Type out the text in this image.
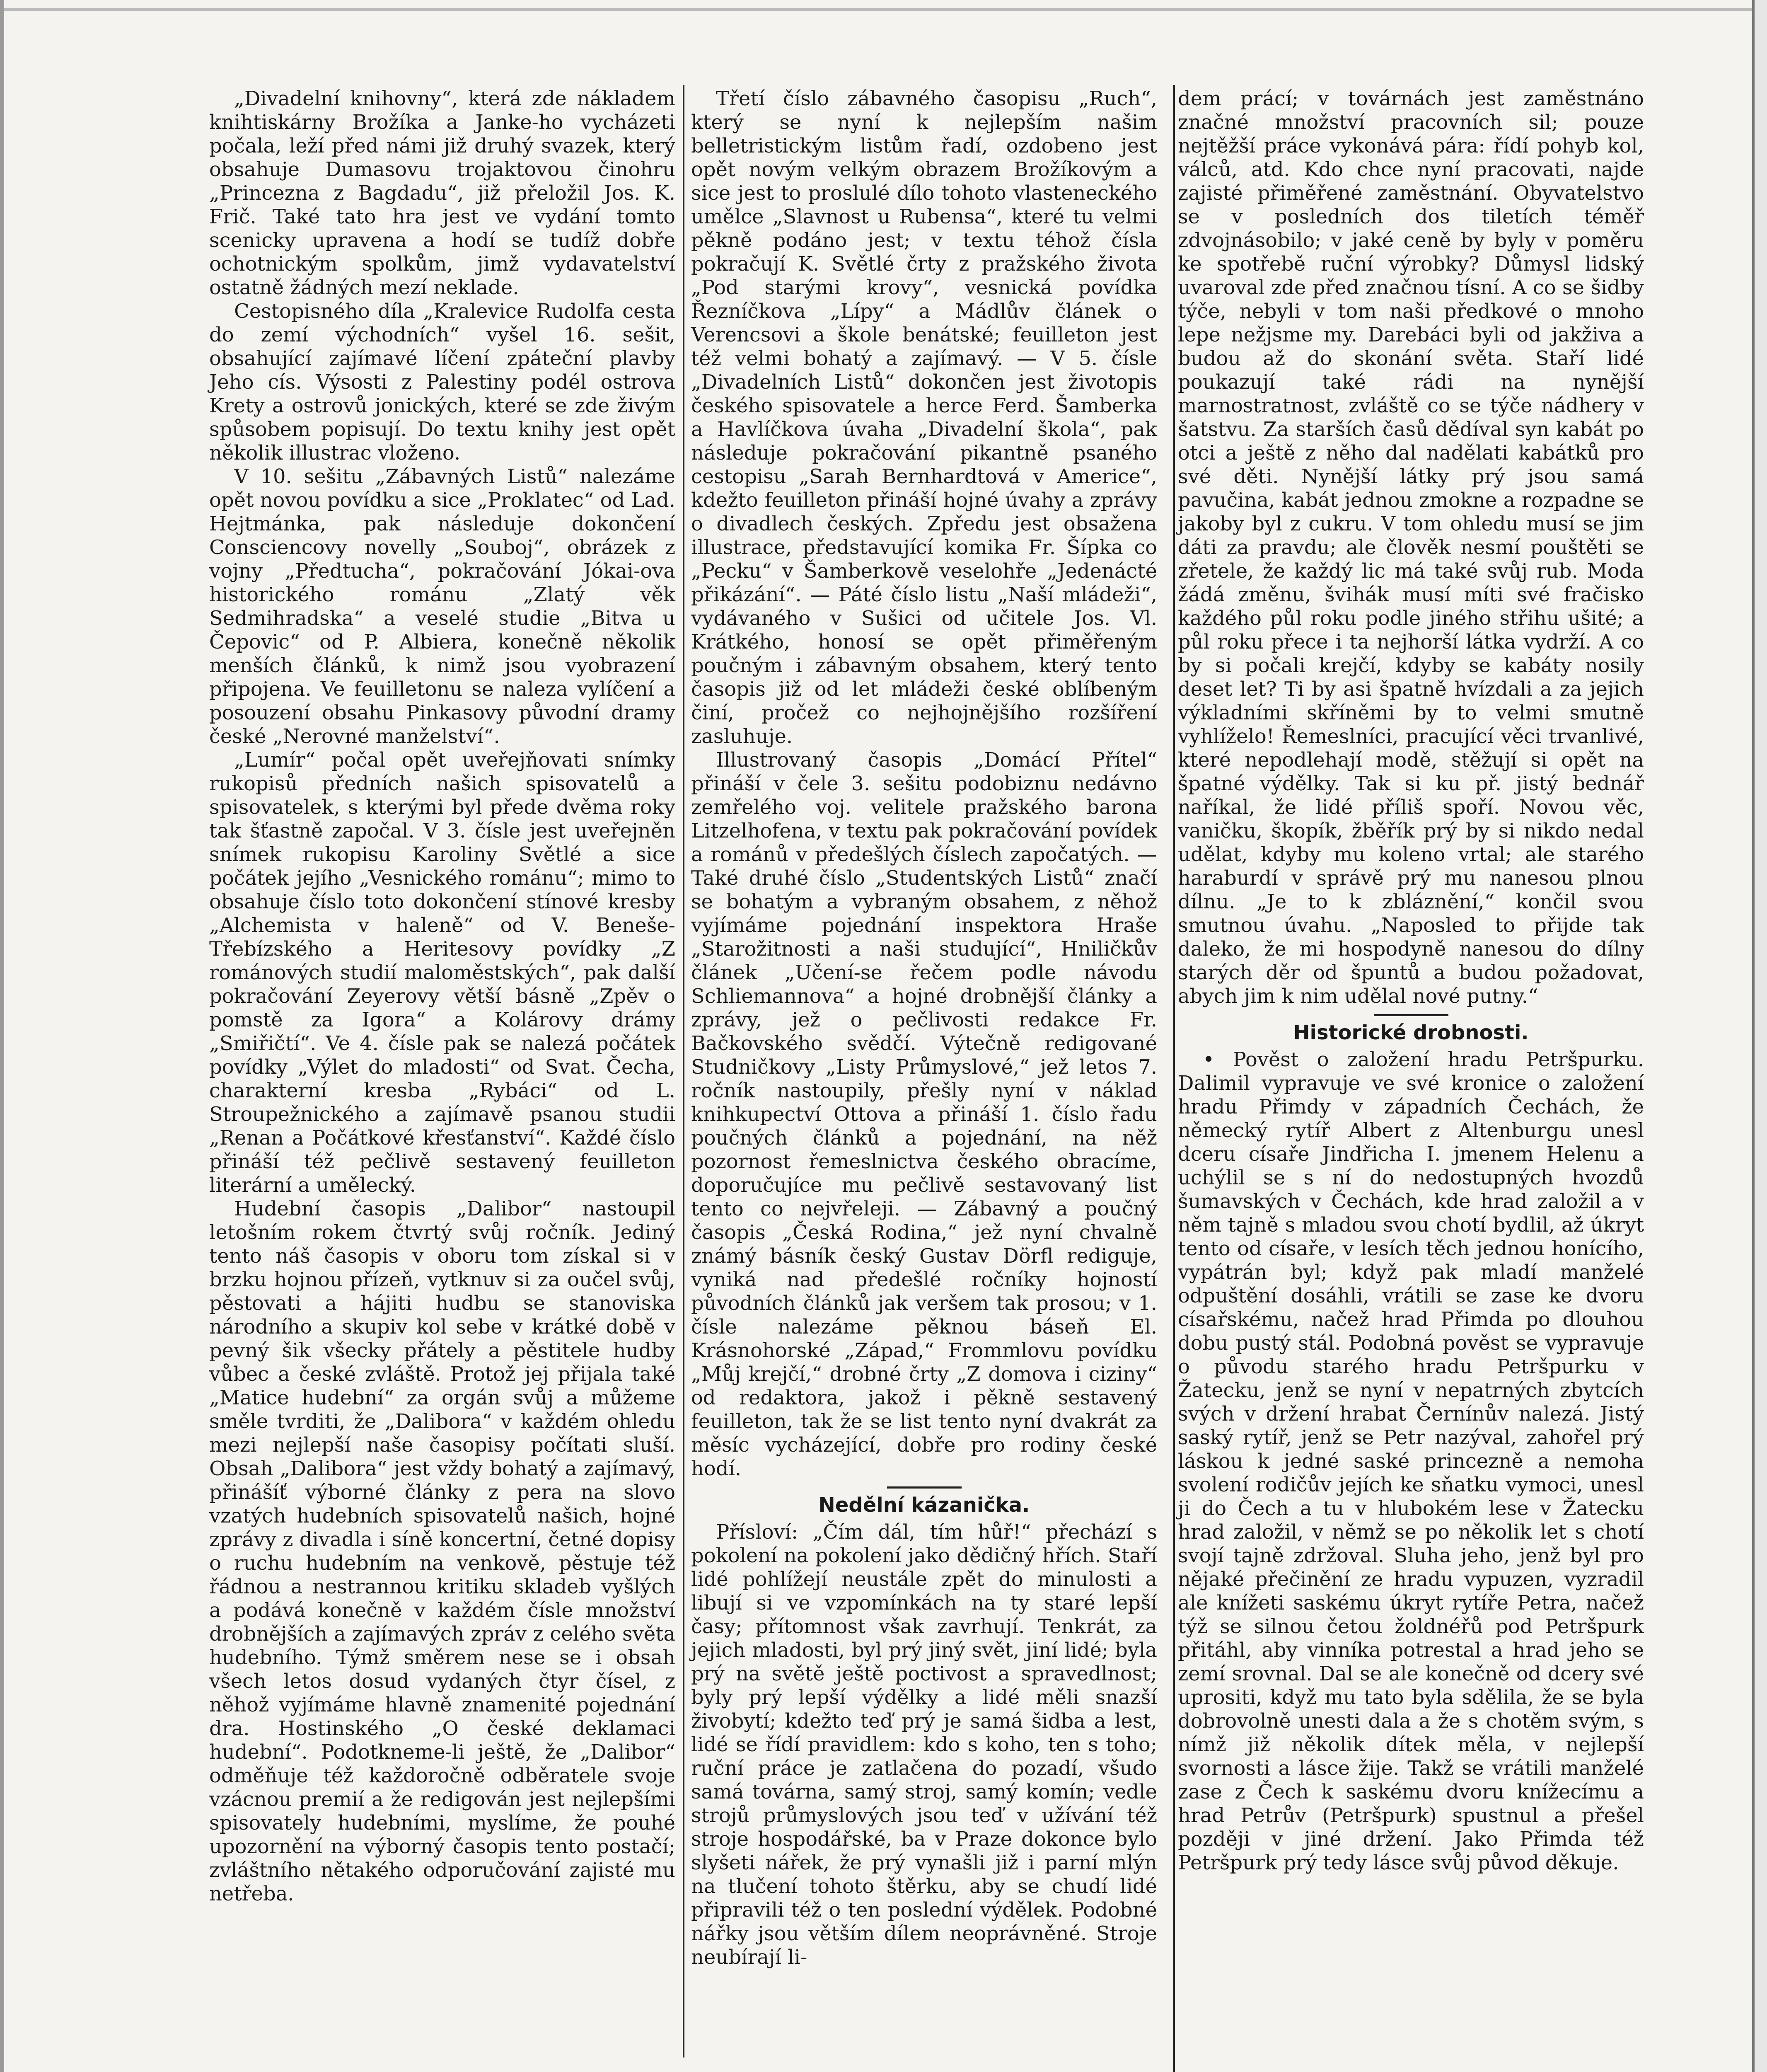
„Divadelní knihovny“, která zde nákladem knihtiskárny Brožíka a Janke-ho vycházeti počala, leží před námi již druhý svazek, který obsahuje Dumasovu trojaktovou činohru „Princezna z Bagdadu“, již přeložil Jos. K. Frič. Také tato hra jest ve vydání tomto scenicky upravena a hodí se tudíž dobře ochotnickým spolkům, jimž vydavatelství ostatně žádných mezí neklade.

Cestopisného díla „Kralevice Rudolfa cesta do zemí východních“ vyšel 16. sešit, obsahující zajímavé líčení zpáteční plavby Jeho cís. Výsosti z Palestiny podél ostrova Krety a ostrovů jonických, které se zde živým spůsobem popisují. Do textu knihy jest opět několik illustrac vloženo.

V 10. sešitu „Zábavných Listů“ nalezáme opět novou povídku a sice „Proklatec“ od Lad. Hejtmánka, pak následuje dokončení Consciencovy novelly „Souboj“, obrázek z vojny „Předtucha“, pokračování Jókai-ova historického románu „Zlatý věk Sedmihradska“ a veselé studie „Bitva u Čepovic“ od P. Albiera, konečně několik menších článků, k nimž jsou vyobrazení připojena. Ve feuilletonu se naleza vylíčení a posouzení obsahu Pinkasovy původní dramy české „Nerovné manželství“.

„Lumír“ počal opět uveřejňovati snímky rukopisů předních našich spisovatelů a spisovatelek, s kterými byl přede dvěma roky tak šťastně započal. V 3. čísle jest uveřejněn snímek rukopisu Karoliny Světlé a sice počátek jejího „Vesnického románu“; mimo to obsahuje číslo toto dokončení stínové kresby „Alchemista v haleně“ od V. Beneše-Třebízského a Heritesovy povídky „Z románových studií maloměstských“, pak další pokračování Zeyerovy větší básně „Zpěv o pomstě za Igora“ a Kolárovy drámy „Smiřičtí“. Ve 4. čísle pak se nalezá počátek povídky „Výlet do mladosti“ od Svat. Čecha, charakterní kresba „Rybáci“ od L. Stroupežnického a zajímavě psanou studii „Renan a Počátkové křesťanství“. Každé číslo přináší též pečlivě sestavený feuilleton literární a umělecký.

Hudební časopis „Dalibor“ nastoupil letošním rokem čtvrtý svůj ročník. Jediný tento náš časopis v oboru tom získal si v brzku hojnou přízeň, vytknuv si za oučel svůj, pěstovati a hájiti hudbu se stanoviska národního a skupiv kol sebe v krátké době v pevný šik všecky přátely a pěstitele hudby vůbec a české zvláště. Protož jej přijala také „Matice hudební“ za orgán svůj a můžeme směle tvrditi, že „Dalibora“ v každém ohledu mezi nejlepší naše časopisy počítati sluší. Obsah „Dalibora“ jest vždy bohatý a zajímavý, přinášíť výborné články z pera na slovo vzatých hudebních spisovatelů našich, hojné zprávy z divadla i síně koncertní, četné dopisy o ruchu hudebním na venkově, pěstuje též řádnou a nestrannou kritiku skladeb vyšlých a podává konečně v každém čísle množství drobnějších a zajímavých zpráv z celého světa hudebního. Týmž směrem nese se i obsah všech letos dosud vydaných čtyr čísel, z něhož vyjímáme hlavně znamenité pojednání dra. Hostinského „O české deklamaci hudební“. Podotkneme-li ještě, že „Dalibor“ odměňuje též každoročně odběratele svoje vzácnou premií a že redigován jest nejlepšími spisovately hudebními, myslíme, že pouhé upozornění na výborný časopis tento postačí; zvláštního nětakého odporučování zajisté mu netřeba.

Třetí číslo zábavného časopisu „Ruch“, který se nyní k nejlepším našim belletristickým listům řadí, ozdobeno jest opět novým velkým obrazem Brožíkovým a sice jest to proslulé dílo tohoto vlasteneckého umělce „Slavnost u Rubensa“, které tu velmi pěkně podáno jest; v textu téhož čísla pokračují K. Světlé črty z pražského života „Pod starými krovy“, vesnická povídka Řezníčkova „Lípy“ a Mádlův článek o Verencsovi a škole benátské; feuilleton jest též velmi bohatý a zajímavý. — V 5. čísle „Divadelních Listů“ dokončen jest životopis českého spisovatele a herce Ferd. Šamberka a Havlíčkova úvaha „Divadelní škola“, pak následuje pokračování pikantně psaného cestopisu „Sarah Bernhardtová v Americe“, kdežto feuilleton přináší hojné úvahy a zprávy o divadlech českých. Zpředu jest obsažena illustrace, představující komika Fr. Šípka co „Pecku“ v Šamberkově veselohře „Jedenácté přikázání“. — Páté číslo listu „Naší mládeži“, vydávaného v Sušici od učitele Jos. Vl. Krátkého, honosí se opět přiměřeným poučným i zábavným obsahem, který tento časopis již od let mládeži české oblíbeným činí, pročež co nejhojnějšího rozšíření zasluhuje.

Illustrovaný časopis „Domácí Přítel“ přináší v čele 3. sešitu podobiznu nedávno zemřelého voj. velitele pražského barona Litzelhofena, v textu pak pokračování povídek a románů v předešlých číslech započatých. — Také druhé číslo „Studentských Listů“ značí se bohatým a vybraným obsahem, z něhož vyjímáme pojednání inspektora Hraše „Starožitnosti a naši studující“, Hniličkův článek „Učení-se řečem podle návodu Schliemannova“ a hojné drobnější články a zprávy, jež o pečlivosti redakce Fr. Bačkovského svědčí. Výtečně redigované Studničkovy „Listy Průmyslové,“ jež letos 7. ročník nastoupily, přešly nyní v náklad knihkupectví Ottova a přináší 1. číslo řadu poučných článků a pojednání, na něž pozornost řemeslnictva českého obracíme, doporučujíce mu pečlivě sestavovaný list tento co nejvřeleji. — Zábavný a poučný časopis „Česká Rodina,“ jež nyní chvalně známý básník český Gustav Dörfl rediguje, vyniká nad předešlé ročníky hojností původních článků jak veršem tak prosou; v 1. čísle nalezáme pěknou báseň El. Krásnohorské „Západ,“ Frommlovu povídku „Můj krejčí,“ drobné črty „Z domova i ciziny“ od redaktora, jakož i pěkně sestavený feuilleton, tak že se list tento nyní dvakrát za měsíc vycházející, dobře pro rodiny české hodí.

Nedělní kázanička.

Přísloví: „Čím dál, tím hůř!“ přechází s pokolení na pokolení jako dědičný hřích. Staří lidé pohlížejí neustále zpět do minulosti a libují si ve vzpomínkách na ty staré lepší časy; přítomnost však zavrhují. Tenkrát, za jejich mladosti, byl prý jiný svět, jiní lidé; byla prý na světě ještě poctivost a spravedlnost; byly prý lepší výdělky a lidé měli snazší živobytí; kdežto teď prý je samá šidba a lest, lidé se řídí pravidlem: kdo s koho, ten s toho; ruční práce je zatlačena do pozadí, všudo samá továrna, samý stroj, samý komín; vedle strojů průmyslových jsou teď v užívání též stroje hospodářské, ba v Praze dokonce bylo slyšeti nářek, že prý vynašli již i parní mlýn na tlučení tohoto štěrku, aby se chudí lidé připravili též o ten poslední výdělek. Podobné nářky jsou větším dílem neoprávněné. Stroje neubírají li-

dem prácí; v továrnách jest zaměstnáno značné množství pracovních sil; pouze nejtěžší práce vykonává pára: řídí pohyb kol, válců, atd. Kdo chce nyní pracovati, najde zajisté přiměřené zaměstnání. Obyvatelstvo se v posledních dos tiletích téměř zdvojnásobilo; v jaké ceně by byly v poměru ke spotřebě ruční výrobky? Důmysl lidský uvaroval zde před značnou tísní. A co se šidby týče, nebyli v tom naši předkové o mnoho lepe nežjsme my. Darebáci byli od jakživa a budou až do skonání světa. Staří lidé poukazují také rádi na nynější marnostratnost, zvláště co se týče nádhery v šatstvu. Za starších časů dědíval syn kabát po otci a ještě z něho dal nadělati kabátků pro své děti. Nynější látky prý jsou samá pavučina, kabát jednou zmokne a rozpadne se jakoby byl z cukru. V tom ohledu musí se jim dáti za pravdu; ale člověk nesmí pouštěti se zřetele, že každý lic má také svůj rub. Moda žádá změnu, švihák musí míti své fračisko každého půl roku podle jiného střihu ušité; a půl roku přece i ta nejhorší látka vydrží. A co by si počali krejčí, kdyby se kabáty nosily deset let? Ti by asi špatně hvízdali a za jejich výkladními skříněmi by to velmi smutně vyhlíželo! Řemeslníci, pracující věci trvanlivé, které nepodlehají modě, stěžují si opět na špatné výdělky. Tak si ku př. jistý bednář naříkal, že lidé příliš spoří. Novou věc, vaničku, škopík, žběřík prý by si nikdo nedal udělat, kdyby mu koleno vrtal; ale starého haraburdí v správě prý mu nanesou plnou dílnu. „Je to k zbláznění,“ končil svou smutnou úvahu. „Naposled to přijde tak daleko, že mi hospodyně nanesou do dílny starých děr od špuntů a budou požadovat, abych jim k nim udělal nové putny.“

Historické drobnosti.

• Pověst o založení hradu Petršpurku. Dalimil vypravuje ve své kronice o založení hradu Přimdy v západních Čechách, že německý rytíř Albert z Altenburgu unesl dceru císaře Jindřicha I. jmenem Helenu a uchýlil se s ní do nedostupných hvozdů šumavských v Čechách, kde hrad založil a v něm tajně s mladou svou chotí bydlil, až úkryt tento od císaře, v lesích těch jednou honícího, vypátrán byl; když pak mladí manželé odpuštění dosáhli, vrátili se zase ke dvoru císařskému, načež hrad Přimda po dlouhou dobu pustý stál. Podobná pověst se vypravuje o původu starého hradu Petršpurku v Žatecku, jenž se nyní v nepatrných zbytcích svých v držení hrabat Černínův nalezá. Jistý saský rytíř, jenž se Petr nazýval, zahořel prý láskou k jedné saské princezně a nemoha svolení rodičův jejích ke sňatku vymoci, unesl ji do Čech a tu v hlubokém lese v Žatecku hrad založil, v němž se po několik let s chotí svojí tajně zdržoval. Sluha jeho, jenž byl pro nějaké přečinění ze hradu vypuzen, vyzradil ale knížeti saskému úkryt rytíře Petra, načež týž se silnou četou žoldnéřů pod Petršpurk přitáhl, aby vinníka potrestal a hrad jeho se zemí srovnal. Dal se ale konečně od dcery své uprositi, když mu tato byla sdělila, že se byla dobrovolně unesti dala a že s chotěm svým, s nímž již několik dítek měla, v nejlepší svornosti a lásce žije. Takž se vrátili manželé zase z Čech k saskému dvoru knížecímu a hrad Petrův (Petršpurk) spustnul a přešel později v jiné držení. Jako Přimda též Petršpurk prý tedy lásce svůj původ děkuje.
